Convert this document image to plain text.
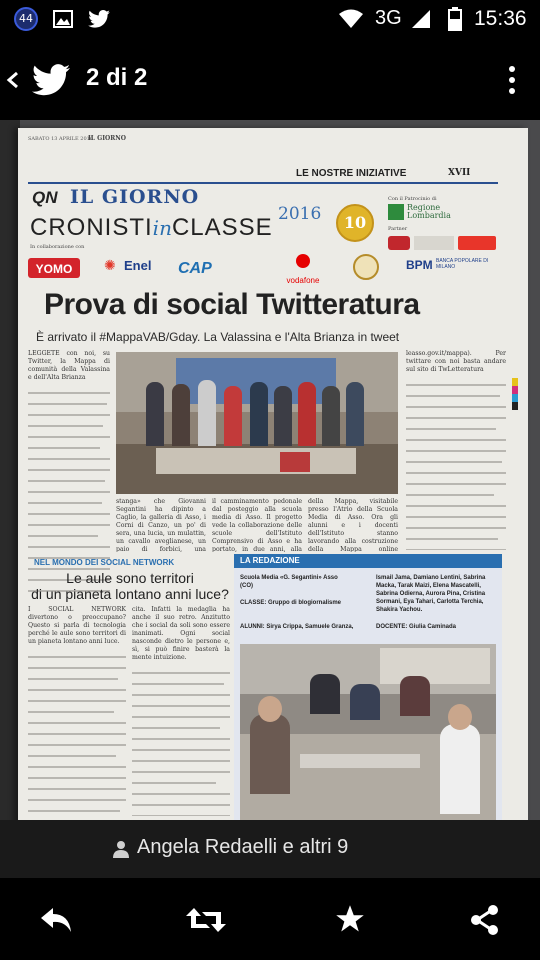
44	3G	15:36
2 di 2
SABATO 13 APRILE 2016
IL GIORNO
LE NOSTRE INIZIATIVE	XVII
QN IL GIORNO
2016
CRONISTIinCLASSE	10
Con il Patrocinio di
Regione
Lombardia
Partner
In collaborazione con
YOMO	✺ Enel CAP
vodafone
BPM BANCA POPOLARE DI MILANO
Prova di social Twitteratura
È arrivato il #MappaVAB/Gday. La Valassina e l'Alta Brianza in tweet
LEGGETE con noi, su Twitter, la Mappa di comunità della Valassina e dell'Alta Brianza
leasso.gov.it/mappa). Per twittare con noi basta andare sul sito di TwLetteratura
stanga» che Giovanni Segantini ha dipinto a Caglio, la galleria di Asso, i Corni di Canzo, un po' di sera, una lucia, un mulattin, un cavallo aveglianese, un paio di forbici, una
il camminamento pedonale dal posteggio alla scuola media di Asso. Il progetto vede la collaborazione delle scuole dell'Istituto Comprensivo di Asso e ha portato, in due anni, alla
della Mappa, visitabile presso l'Atrio della Scuola Media di Asso. Ora gli alunni e i docenti dell'Istituto stanno lavorando alla costruzione della Mappa online
NEL MONDO DEI SOCIAL NETWORK
Le aule sono territori
di un pianeta lontano anni luce?
I SOCIAL NETWORK divertono o preoccupano? Questo si parla di tecnologia perché le aule sono territori di un pianeta lontano anni luce.
cita. Infatti la medaglia ha anche il suo retro. Anzitutto che i social da soli sono essere inanimati. Ogni social nasconde dietro le persone e, sì, si può finire basterà la mente intuizione.
LA REDAZIONE
Scuola Media «G. Segantini» Asso (CO)
CLASSE: Gruppo di blogiornalisme
ALUNNI: Sirya Crippa, Samuele Granza,
Ismail Jama, Damiano Lentini, Sabrina Macka, Tarak Maizi, Elena Mascatelli, Sabrina Odierna, Aurora Pina, Cristina Sormani, Eya Tahari, Carlotta Terchia, Shakira Yachou.
DOCENTE: Giulia Caminada
Angela Redaelli e altri 9
